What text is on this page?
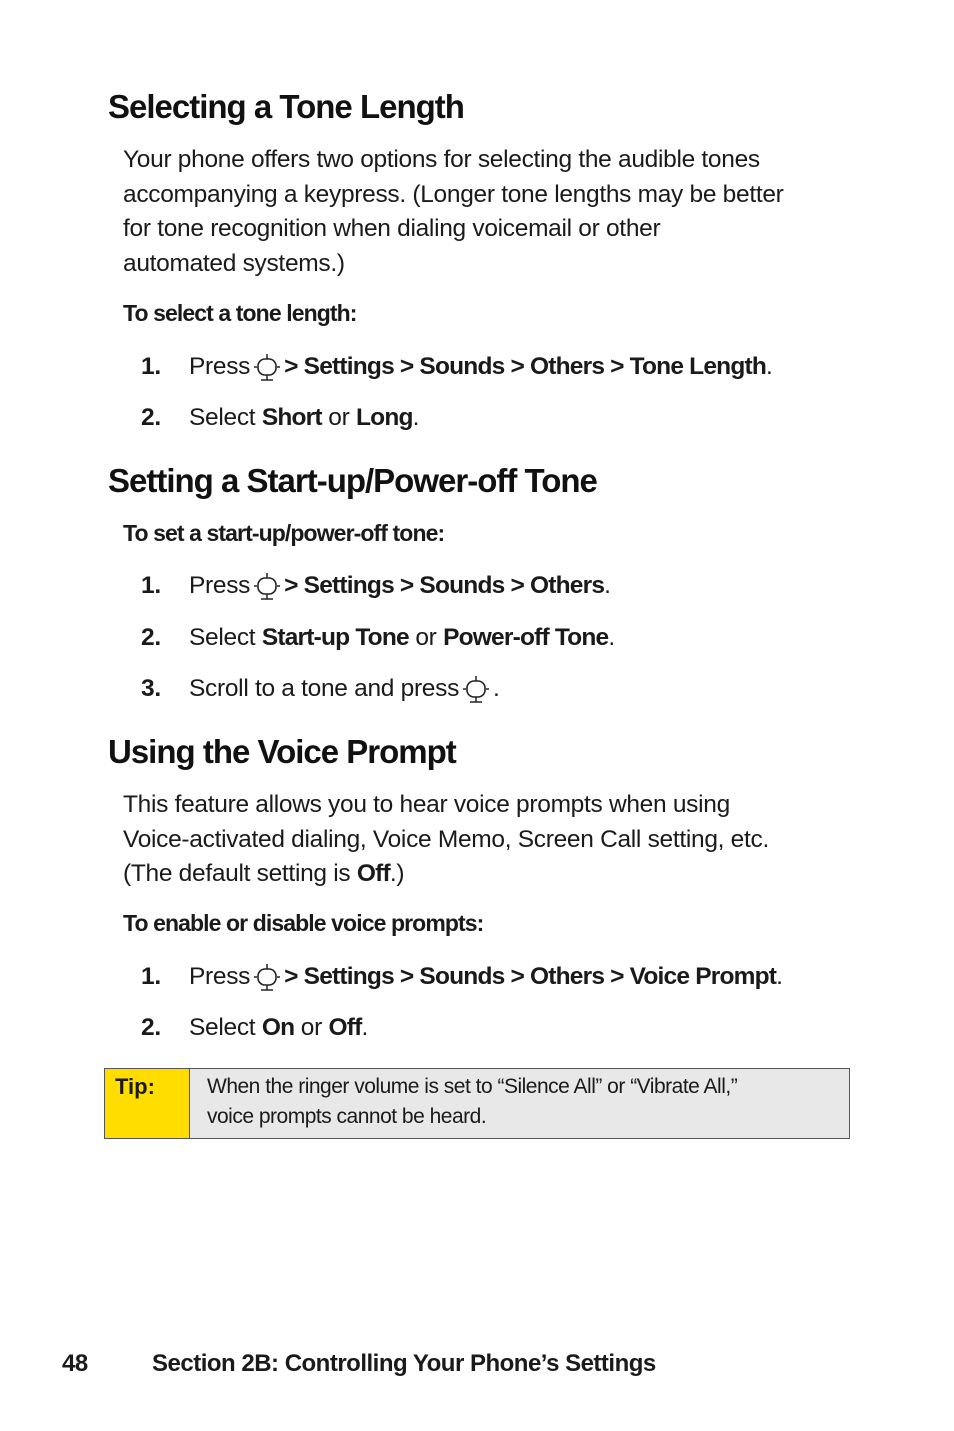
Selecting a Tone Length

Your phone offers two options for selecting the audible tones
accompanying a keypress. (Longer tone lengths may be better
for tone recognition when dialing voicemail or other
automated systems.)

To select a tone length:

1.	Press > Settings > Sounds > Others > Tone Length .
2.	Select
Short
or
Long .
Setting a Start-up/Power-off Tone

To set a start-up/power-off tone:

1.	Press > Settings > Sounds > Others .
2.	Select
Start-up Tone
or
Power-off Tone .
3.	Scroll to a tone and press .
Using the Voice Prompt

This feature allows you to hear voice prompts when using
Voice-activated dialing, Voice Memo, Screen Call setting, etc.
(The default setting is Off.)

To enable or disable voice prompts:

1.	Press > Settings > Sounds > Others > Voice Prompt .
2.	Select
On
or
Off .
Tip:	When the ringer volume is set to “Silence All” or “Vibrate All,”
voice prompts cannot be heard.
48	Section 2B: Controlling Your Phone’s Settings
